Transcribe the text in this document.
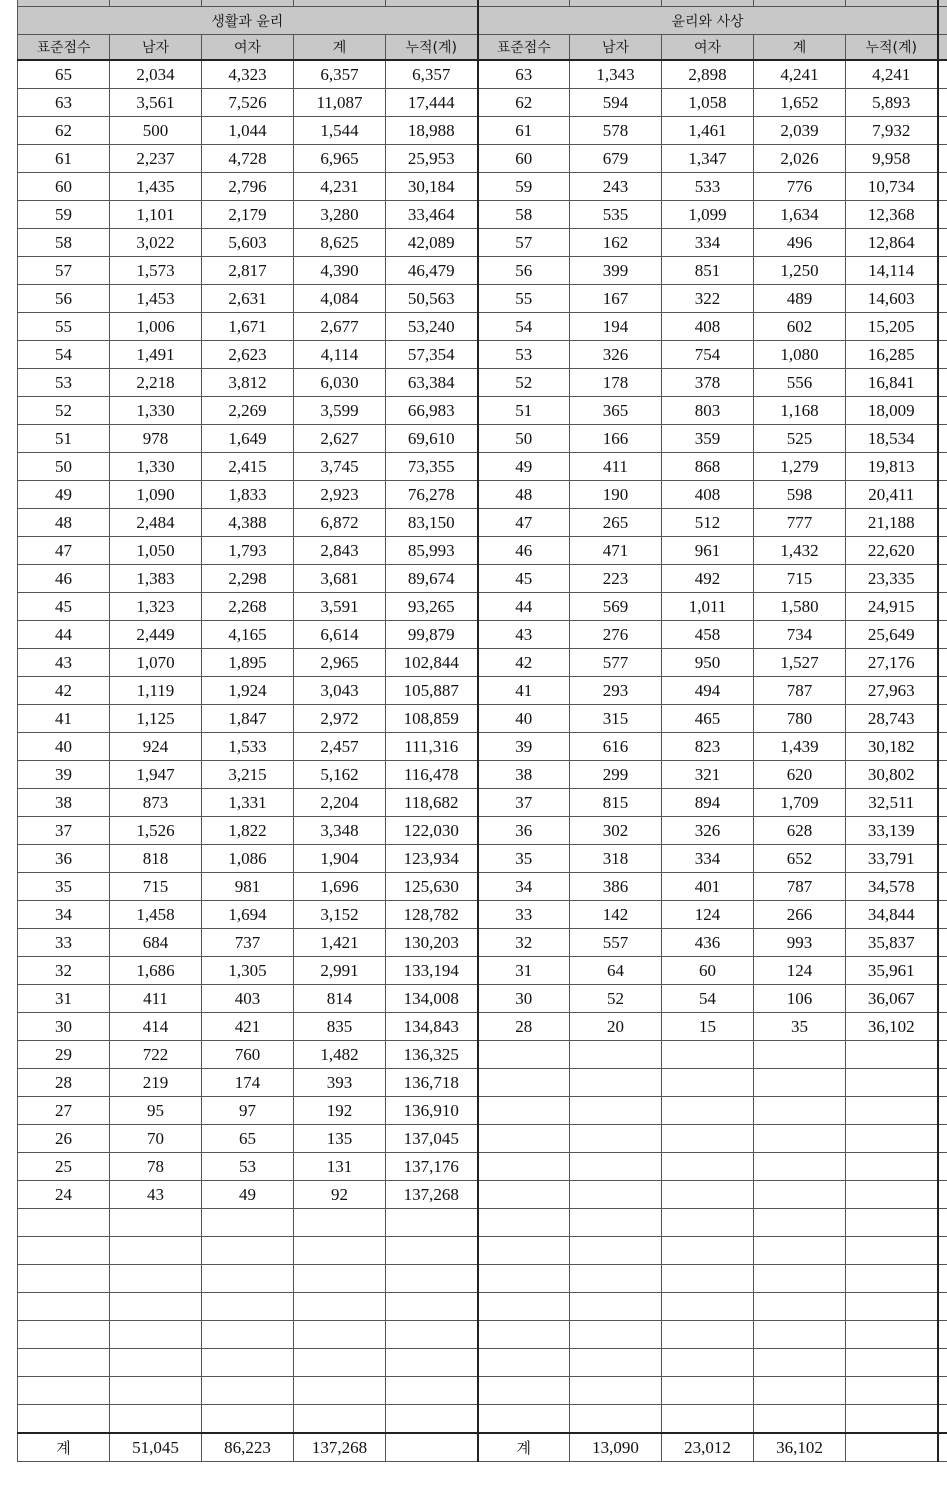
생활과 윤리					윤리와 사상					
표준점수	남자	여자	계	누적(계)	표준점수	남자	여자	계	누적(계)	
65	2,034	4,323	6,357	6,357	63	1,343	2,898	4,241	4,241	
63	3,561	7,526	11,087	17,444	62	594	1,058	1,652	5,893	
62	500	1,044	1,544	18,988	61	578	1,461	2,039	7,932	
61	2,237	4,728	6,965	25,953	60	679	1,347	2,026	9,958	
60	1,435	2,796	4,231	30,184	59	243	533	776	10,734	
59	1,101	2,179	3,280	33,464	58	535	1,099	1,634	12,368	
58	3,022	5,603	8,625	42,089	57	162	334	496	12,864	
57	1,573	2,817	4,390	46,479	56	399	851	1,250	14,114	
56	1,453	2,631	4,084	50,563	55	167	322	489	14,603	
55	1,006	1,671	2,677	53,240	54	194	408	602	15,205	
54	1,491	2,623	4,114	57,354	53	326	754	1,080	16,285	
53	2,218	3,812	6,030	63,384	52	178	378	556	16,841	
52	1,330	2,269	3,599	66,983	51	365	803	1,168	18,009	
51	978	1,649	2,627	69,610	50	166	359	525	18,534	
50	1,330	2,415	3,745	73,355	49	411	868	1,279	19,813	
49	1,090	1,833	2,923	76,278	48	190	408	598	20,411	
48	2,484	4,388	6,872	83,150	47	265	512	777	21,188	
47	1,050	1,793	2,843	85,993	46	471	961	1,432	22,620	
46	1,383	2,298	3,681	89,674	45	223	492	715	23,335	
45	1,323	2,268	3,591	93,265	44	569	1,011	1,580	24,915	
44	2,449	4,165	6,614	99,879	43	276	458	734	25,649	
43	1,070	1,895	2,965	102,844	42	577	950	1,527	27,176	
42	1,119	1,924	3,043	105,887	41	293	494	787	27,963	
41	1,125	1,847	2,972	108,859	40	315	465	780	28,743	
40	924	1,533	2,457	111,316	39	616	823	1,439	30,182	
39	1,947	3,215	5,162	116,478	38	299	321	620	30,802	
38	873	1,331	2,204	118,682	37	815	894	1,709	32,511	
37	1,526	1,822	3,348	122,030	36	302	326	628	33,139	
36	818	1,086	1,904	123,934	35	318	334	652	33,791	
35	715	981	1,696	125,630	34	386	401	787	34,578	
34	1,458	1,694	3,152	128,782	33	142	124	266	34,844	
33	684	737	1,421	130,203	32	557	436	993	35,837	
32	1,686	1,305	2,991	133,194	31	64	60	124	35,961	
31	411	403	814	134,008	30	52	54	106	36,067	
30	414	421	835	134,843	28	20	15	35	36,102	
29	722	760	1,482	136,325						
28	219	174	393	136,718						
27	95	97	192	136,910						
26	70	65	135	137,045						
25	78	53	131	137,176						
24	43	49	92	137,268						

계	51,045	86,223	137,268		계	13,090	23,012	36,102		
